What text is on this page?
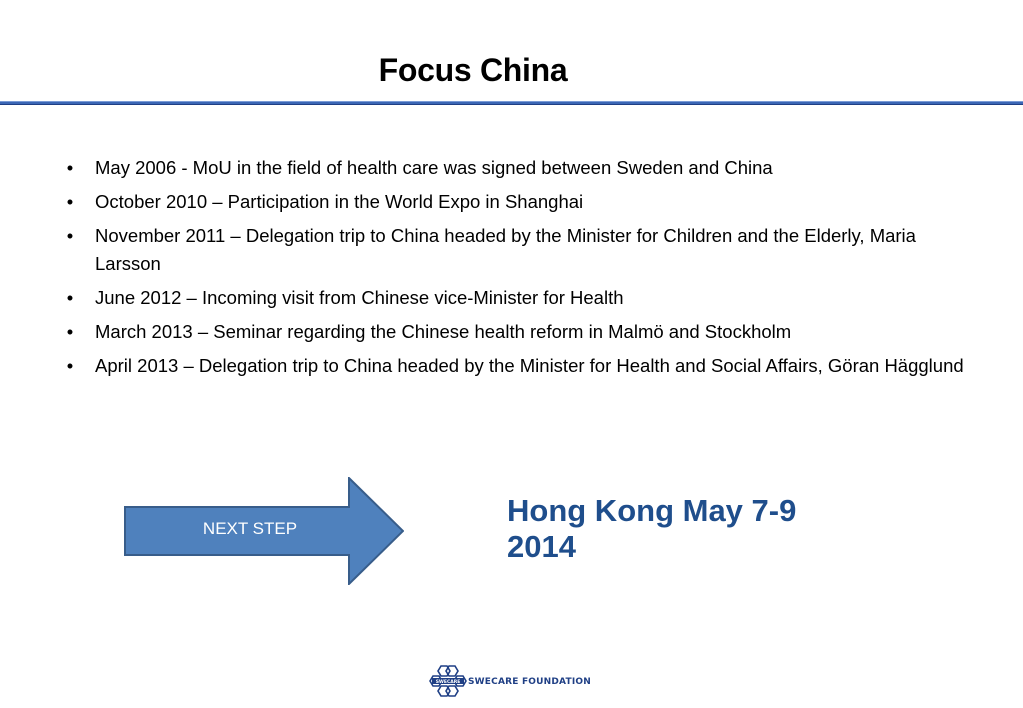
Focus China
•	May 2006 - MoU in the field of health care was signed between Sweden and China
•	October 2010 – Participation in the World Expo in Shanghai
•	November 2011 – Delegation trip to China headed by the Minister for Children and the Elderly, Maria Larsson
•	June 2012 – Incoming visit from Chinese vice-Minister for Health
•	March 2013 – Seminar regarding the Chinese health reform in Malmö and Stockholm
•	April 2013 – Delegation trip to China headed by the Minister for Health and Social Affairs, Göran Hägglund
NEXT STEP
Hong Kong May 7-9
2014
SWECARE SWECARE FOUNDATION
